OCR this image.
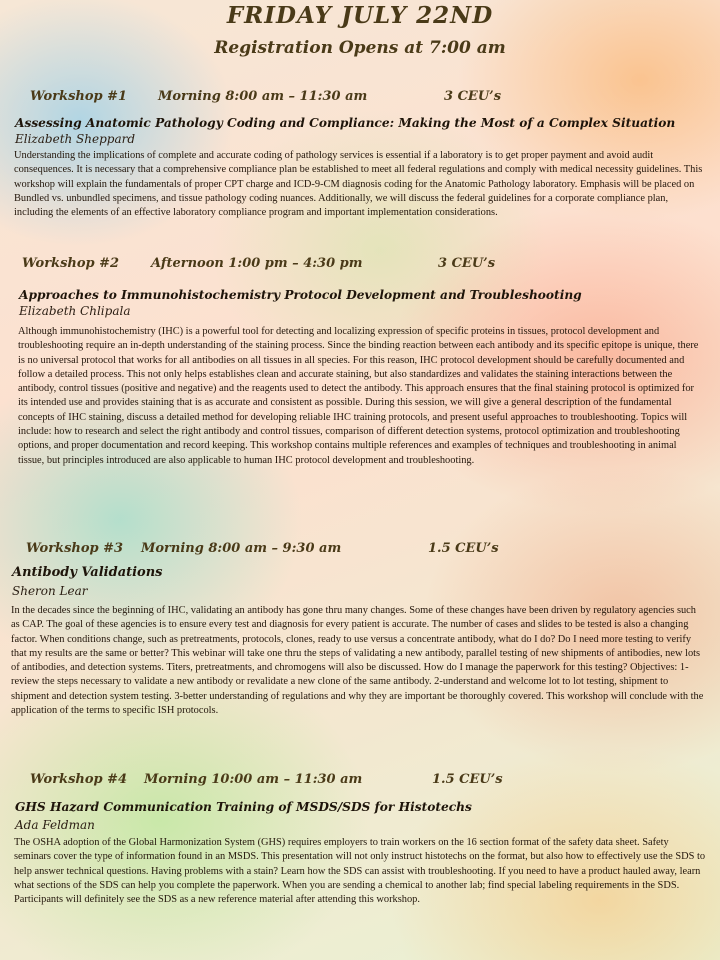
FRIDAY JULY 22ND
Registration Opens at 7:00 am
Workshop #1 Morning 8:00 am – 11:30 am	3 CEU’s
Assessing Anatomic Pathology Coding and Compliance: Making the Most of a Complex Situation
Elizabeth Sheppard
Understanding the implications of complete and accurate coding of pathology services is essential if a laboratory is to get proper payment and avoid audit consequences. It is necessary that a comprehensive compliance plan be established to meet all federal regulations and comply with medical necessity guidelines. This workshop will explain the fundamentals of proper CPT charge and ICD-9-CM diagnosis coding for the Anatomic Pathology laboratory. Emphasis will be placed on Bundled vs. unbundled specimens, and tissue pathology coding nuances. Additionally, we will discuss the federal guidelines for a corporate compliance plan, including the elements of an effective laboratory compliance program and important implementation considerations.
Workshop #2 Afternoon 1:00 pm – 4:30 pm	3 CEU’s
Approaches to Immunohistochemistry Protocol Development and Troubleshooting
Elizabeth Chlipala
Although immunohistochemistry (IHC) is a powerful tool for detecting and localizing expression of specific proteins in tissues, protocol development and troubleshooting require an in-depth understanding of the staining process. Since the binding reaction between each antibody and its specific epitope is unique, there is no universal protocol that works for all antibodies on all tissues in all species. For this reason, IHC protocol development should be carefully documented and follow a detailed process. This not only helps establishes clean and accurate staining, but also standardizes and validates the staining interactions between the antibody, control tissues (positive and negative) and the reagents used to detect the antibody. This approach ensures that the final staining protocol is optimized for its intended use and provides staining that is as accurate and consistent as possible. During this session, we will give a general description of the fundamental concepts of IHC staining, discuss a detailed method for developing reliable IHC training protocols, and present useful approaches to troubleshooting. Topics will include: how to research and select the right antibody and control tissues, comparison of different detection systems, protocol optimization and troubleshooting options, and proper documentation and record keeping. This workshop contains multiple references and examples of techniques and troubleshooting in animal tissue, but principles introduced are also applicable to human IHC protocol development and troubleshooting.
Workshop #3 Morning 8:00 am – 9:30 am	1.5 CEU’s
Antibody Validations
Sheron Lear
In the decades since the beginning of IHC, validating an antibody has gone thru many changes. Some of these changes have been driven by regulatory agencies such as CAP. The goal of these agencies is to ensure every test and diagnosis for every patient is accurate. The number of cases and slides to be tested is also a changing factor. When conditions change, such as pretreatments, protocols, clones, ready to use versus a concentrate antibody, what do I do? Do I need more testing to verify that my results are the same or better? This webinar will take one thru the steps of validating a new antibody, parallel testing of new shipments of antibodies, new lots of antibodies, and detection systems. Titers, pretreatments, and chromogens will also be discussed. How do I manage the paperwork for this testing? Objectives: 1-review the steps necessary to validate a new antibody or revalidate a new clone of the same antibody. 2-understand and welcome lot to lot testing, shipment to shipment and detection system testing. 3-better understanding of regulations and why they are important be thoroughly covered. This workshop will conclude with the application of the terms to specific ISH protocols.
Workshop #4 Morning 10:00 am – 11:30 am	1.5 CEU’s
GHS Hazard Communication Training of MSDS/SDS for Histotechs
Ada Feldman
The OSHA adoption of the Global Harmonization System (GHS) requires employers to train workers on the 16 section format of the safety data sheet. Safety seminars cover the type of information found in an MSDS. This presentation will not only instruct histotechs on the format, but also how to effectively use the SDS to help answer technical questions. Having problems with a stain? Learn how the SDS can assist with troubleshooting. If you need to have a product hauled away, learn what sections of the SDS can help you complete the paperwork. When you are sending a chemical to another lab; find special labeling requirements in the SDS. Participants will definitely see the SDS as a new reference material after attending this workshop.
